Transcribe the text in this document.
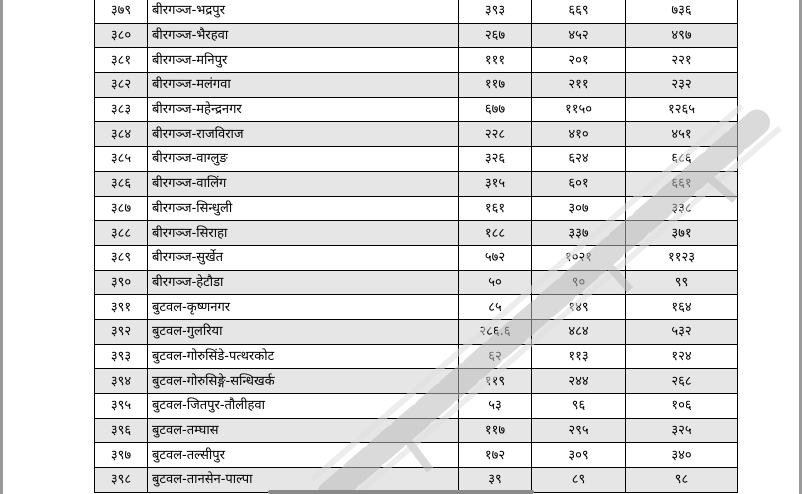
३७९	बीरगञ्ज-भद्रपुर	३९३	६६९	७३६
३८०	बीरगञ्ज-भैरहवा	२६७	४५२	४९७
३८१	बीरगञ्ज-मनिपुर	१११	२०१	२२१
३८२	बीरगञ्ज-मलंगवा	११७	२११	२३२
३८३	बीरगञ्ज-महेन्द्रनगर	६७७	११५०	१२६५
३८४	बीरगञ्ज-राजविराज	२२८	४१०	४५१
३८५	बीरगञ्ज-वाग्लुङ	३२६	६२४	६८६
३८६	बीरगञ्ज-वालिंग	३१५	६०१	६६१
३८७	बीरगञ्ज-सिन्धुली	१६१	३०७	३३८
३८८	बीरगञ्ज-सिराहा	१८८	३३७	३७१
३८९	बीरगञ्ज-सुर्खेत	५७२	१०२१	११२३
३९०	बीरगञ्ज-हेटौडा	५०	९०	९९
३९१	बुटवल-कृष्णनगर	८५	१४९	१६४
३९२	बुटवल-गुलरिया	२८६.६	४८४	५३२
३९३	बुटवल-गोरुसिंडे-पत्थरकोट	६२	११३	१२४
३९४	बुटवल-गोरुसिङ्गे-सन्धिखर्क	११९	२४४	२६८
३९५	बुटवल-जितपुर-तौलीहवा	५३	९६	१०६
३९६	बुटवल-तम्घास	११७	२९५	३२५
३९७	बुटवल-तल्सीपुर	१७२	३०९	३४०
३९८	बुटवल-तानसेन-पाल्पा	३९	८९	९८
